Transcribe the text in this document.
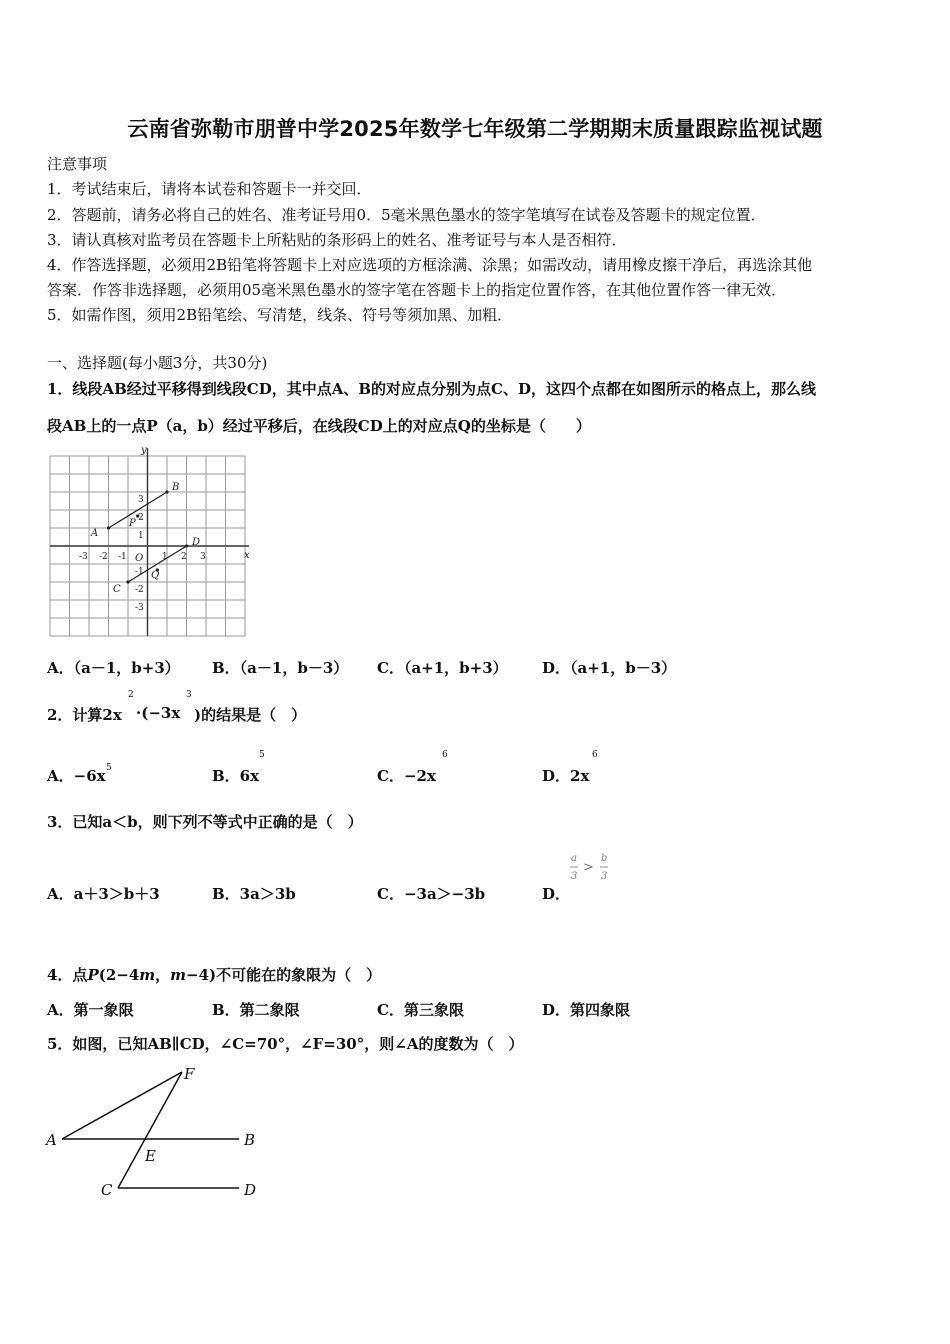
云南省弥勒市朋普中学2025年数学七年级第二学期期末质量跟踪监视试题
注意事项
1．考试结束后，请将本试卷和答题卡一并交回．
2．答题前，请务必将自己的姓名、准考证号用0．5毫米黑色墨水的签字笔填写在试卷及答题卡的规定位置．
3．请认真核对监考员在答题卡上所粘贴的条形码上的姓名、准考证号与本人是否相符．
4．作答选择题，必须用2B铅笔将答题卡上对应选项的方框涂满、涂黑；如需改动，请用橡皮擦干净后，再选涂其他
答案．作答非选择题，必须用05毫米黑色墨水的签字笔在答题卡上的指定位置作答，在其他位置作答一律无效．
5．如需作图，须用2B铅笔绘、写清楚，线条、符号等须加黑、加粗．
一、选择题(每小题3分，共30分)
1．线段AB经过平移得到线段CD，其中点A、B的对应点分别为点C、D，这四个点都在如图所示的格点上，那么线
段AB上的一点P（a，b）经过平移后，在线段CD上的对应点Q的坐标是（　　）
y
x
O
A
B
P
C
D
Q
-3 -2 -1	1 2 3
3
2
1
-1
-2
-3
A．（a－1，b+3） B．（a－1，b－3） C．（a+1，b+3） D．（a+1，b－3）
2．计算2x
2
·(−3x
3
)的结果是（　）
A．−6x 5	B．6x
5
C．−2x
6
D．2x
6
3．已知a＜b，则下列不等式中正确的是（　）
A．a＋3＞b＋3	B．3a＞3b	C．−3a＞−3b	D．
a
3
b
3
>
4．点P(2−4m，m−4)不可能在的象限为（　）
A．第一象限	B．第二象限	C．第三象限	D．第四象限
5．如图，已知AB∥CD，∠C=70°，∠F=30°，则∠A的度数为（　）
F
A	B
E
C	D
